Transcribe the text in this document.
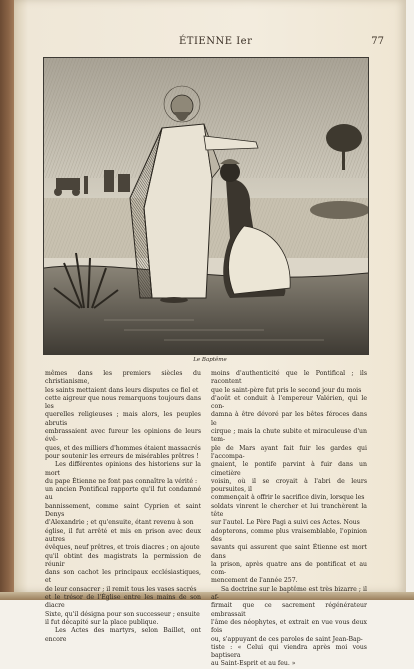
ÉTIENNE Ier	77
Le Baptême

mêmes dans les premiers siècles du christianisme,

les saints mettaient dans leurs disputes ce fiel et

cette aigreur que nous remarquons toujours dans les

querelles religieuses ; mais alors, les peuples abrutis

embrassaient avec fureur les opinions de leurs évê-

ques, et des milliers d'hommes étaient massacrés

pour soutenir les erreurs de misérables prêtres !

Les différentes opinions des historiens sur la mort

du pape Étienne ne font pas connaître la vérité :

un ancien Pontifical rapporte qu'il fut condamné au

bannissement, comme saint Cyprien et saint Denys

d'Alexandrie ; et qu'ensuite, étant revenu à son

église, il fut arrêté et mis en prison avec deux autres

évêques, neuf prêtres, et trois diacres ; on ajoute

qu'il obtint des magistrats la permission de réunir

dans son cachot les principaux ecclésiastiques, et

de leur consacrer ; il remit tous les vases sacrés

et le trésor de l'Église entre les mains de son diacre

Sixte, qu'il désigna pour son successeur ; ensuite

il fut décapité sur la place publique.

Les Actes des martyrs, selon Baillet, ont encore

moins d'authenticité que le Pontifical ; ils racontent

que le saint-père fut pris le second jour du mois

d'août et conduit à l'empereur Valérien, qui le con-

damna à être dévoré par les bêtes féroces dans le

cirque ; mais la chute subite et miraculeuse d'un tem-

ple de Mars ayant fait fuir les gardes qui l'accompa-

gnaient, le pontife parvint à fuir dans un cimetière

voisin, où il se croyait à l'abri de leurs poursuites, il

commençait à offrir le sacrifice divin, lorsque les

soldats vinrent le chercher et lui tranchèrent la tête

sur l'autel. Le Père Pagi a suivi ces Actes. Nous

adopterons, comme plus vraisemblable, l'opinion des

savants qui assurent que saint Étienne est mort dans

la prison, après quatre ans de pontificat et au com-

mencement de l'année 257.

Sa doctrine sur le baptême est très bizarre ; il af-

firmait que ce sacrement régénérateur embrassait

l'âme des néophytes, et extrait en vue vous deux fois

ou, s'appuyant de ces paroles de saint Jean-Bap-

tiste : « Celui qui viendra après moi vous baptisera

au Saint-Esprit et au feu. »
